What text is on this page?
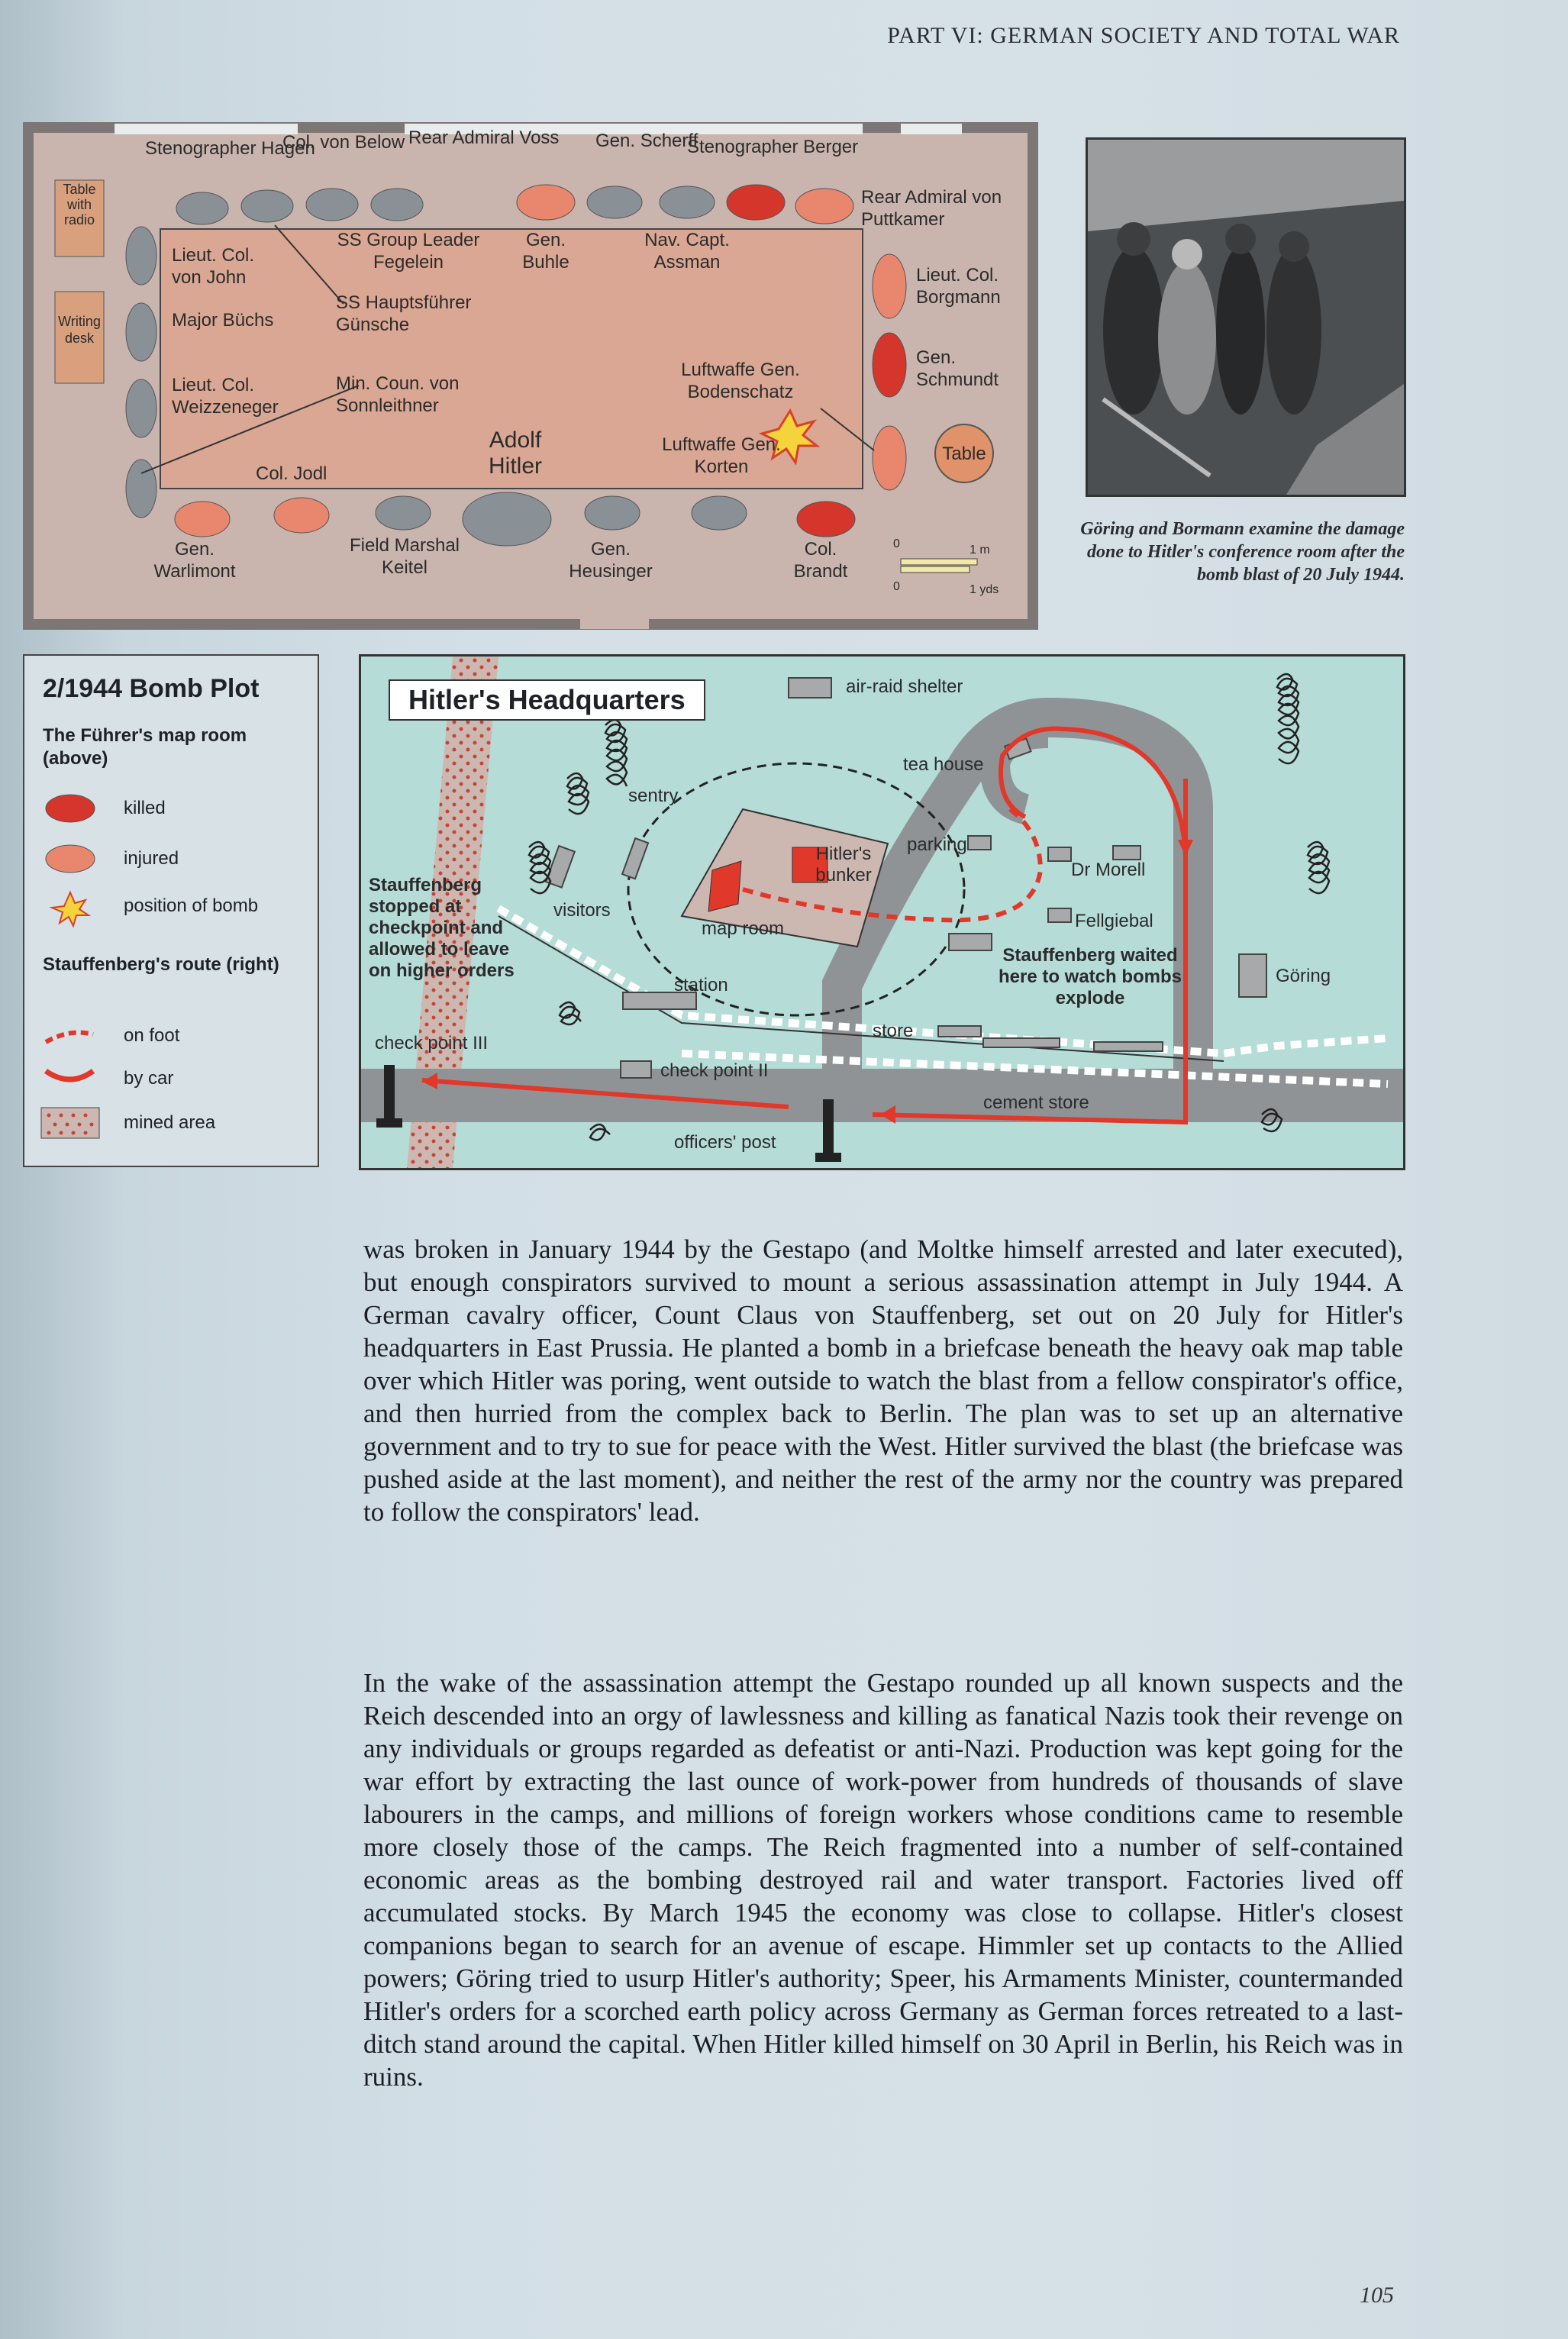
PART VI: GERMAN SOCIETY AND TOTAL WAR
Stenographer Hagen
Col. von Below Rear Admiral Voss Gen. Scherff
Stenographer Berger
Rear Admiral von Puttkamer
Table with radio
Writing desk
Lieut. Col. von John
Major Büchs
Lieut. Col. Weizzeneger
SS Group Leader Fegelein
Gen. Buhle
Nav. Capt. Assman
SS Hauptsführer Günsche
Min. Coun. von Sonnleithner
Luftwaffe Gen. Bodenschatz
Luftwaffe Gen. Korten
Adolf Hitler
Col. Jodl
Lieut. Col. Borgmann
Gen. Schmundt
Table
Gen. Warlimont
Field Marshal Keitel
Gen. Heusinger
Col. Brandt
0	1 m
0	1 yds
Göring and Bormann examine the damage done to Hitler's conference room after the bomb blast of 20 July 1944.
2/1944 Bomb Plot
The Führer's map room (above)
killed
injured
position of bomb
Stauffenberg's route (right)
on foot
by car
mined area
Hitler's Headquarters	air-raid shelter
tea house
sentry
parking
Hitler's bunker	Dr Morell
visitors
Fellgiebal
map room
Stauffenberg stopped at checkpoint and allowed to leave on higher orders
Stauffenberg waited here to watch bombs explode
Göring
station
store
check point III
check point II
cement store
officers' post

was broken in January 1944 by the Gestapo (and Moltke himself arrested and later executed), but enough conspirators survived to mount a serious assassination attempt in July 1944. A German cavalry officer, Count Claus von Stauffenberg, set out on 20 July for Hitler's headquarters in East Prussia. He planted a bomb in a briefcase beneath the heavy oak map table over which Hitler was poring, went outside to watch the blast from a fellow conspirator's office, and then hurried from the complex back to Berlin. The plan was to set up an alternative government and to try to sue for peace with the West. Hitler survived the blast (the briefcase was pushed aside at the last moment), and neither the rest of the army nor the country was prepared to follow the conspirators' lead.

In the wake of the assassination attempt the Gestapo rounded up all known suspects and the Reich descended into an orgy of lawlessness and killing as fanatical Nazis took their revenge on any individuals or groups regarded as defeatist or anti-Nazi. Production was kept going for the war effort by extracting the last ounce of work-power from hundreds of thousands of slave labourers in the camps, and millions of foreign workers whose conditions came to resemble more closely those of the camps. The Reich fragmented into a number of self-contained economic areas as the bombing destroyed rail and water transport. Factories lived off accumulated stocks. By March 1945 the economy was close to collapse. Hitler's closest companions began to search for an avenue of escape. Himmler set up contacts to the Allied powers; Göring tried to usurp Hitler's authority; Speer, his Armaments Minister, countermanded Hitler's orders for a scorched earth policy across Germany as German forces retreated to a last-ditch stand around the capital. When Hitler killed himself on 30 April in Berlin, his Reich was in ruins.

105
